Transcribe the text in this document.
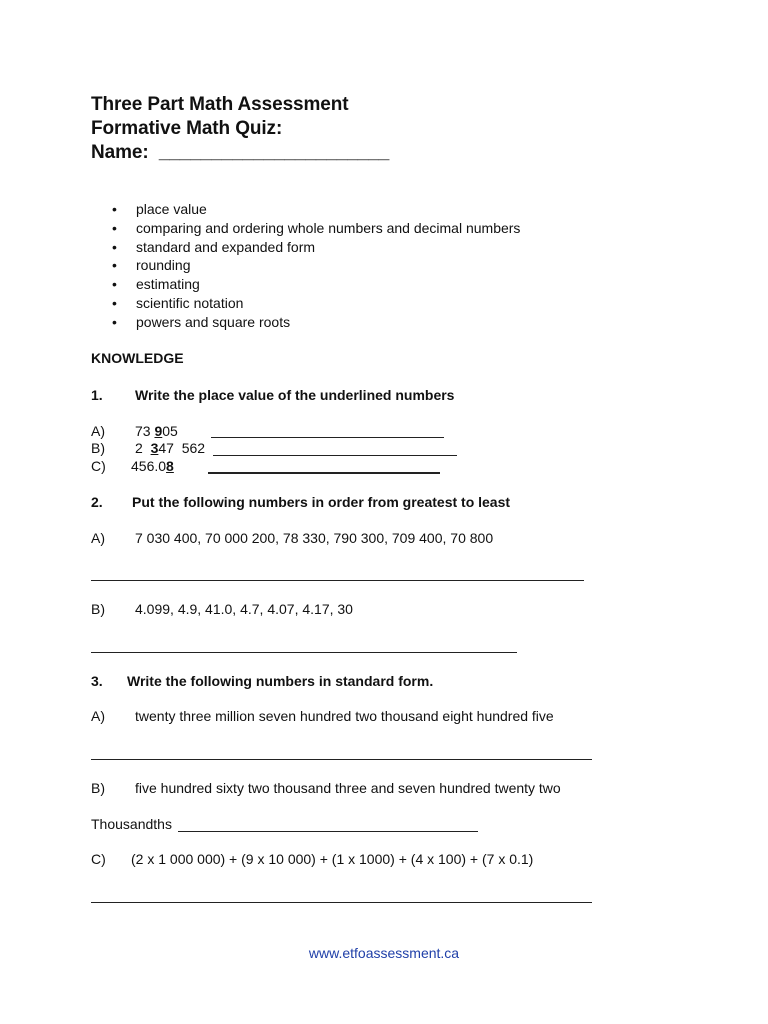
Three Part Math Assessment
Formative Math Quiz:
Name:  ______________________
• place value
• comparing and ordering whole numbers and decimal numbers
• standard and expanded form
• rounding
• estimating
• scientific notation
• powers and square roots
KNOWLEDGE
1. Write the place value of the underlined numbers
A) 73 905
B) 2  347  562
C) 456.08
2. Put the following numbers in order from greatest to least
A) 7 030 400, 70 000 200, 78 330, 790 300, 709 400, 70 800
B) 4.099, 4.9, 41.0, 4.7, 4.07, 4.17, 30
3. Write the following numbers in standard form.
A) twenty three million seven hundred two thousand eight hundred five
B) five hundred sixty two thousand three and seven hundred twenty two
Thousandths
C) (2 x 1 000 000) + (9 x 10 000) + (1 x 1000) + (4 x 100) + (7 x 0.1)
www.etfoassessment.ca
